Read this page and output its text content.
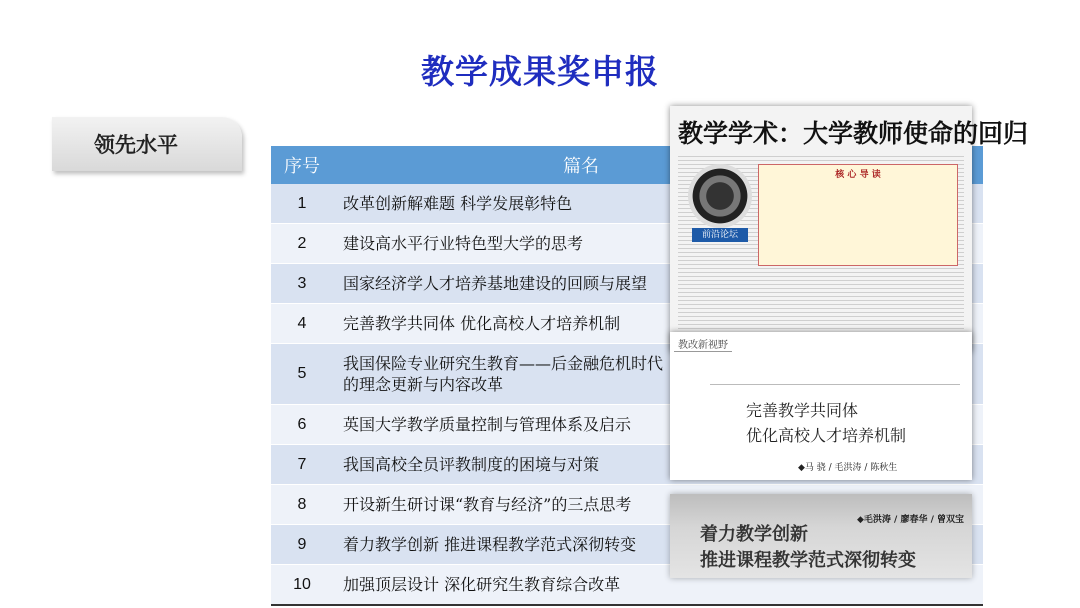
教学成果奖申报
领先水平
序号	篇名		
1	改革创新解难题 科学发展彰特色		
2	建设高水平行业特色型大学的思考		
3	国家经济学人才培养基地建设的回顾与展望		
4	完善教学共同体 优化高校人才培养机制		
5	我国保险专业研究生教育——后金融危机时代的理念更新与内容改革		
6	英国大学教学质量控制与管理体系及启示		
7	我国高校全员评教制度的困境与对策		
8	开设新生研讨课“教育与经济”的三点思考		
9	着力教学创新 推进课程教学范式深彻转变		
10	加强顶层设计 深化研究生教育综合改革		
教学学术：大学教师使命的回归
前沿论坛
核 心 导 读
教改新视野
完善教学共同体
优化高校人才培养机制
◆马 骁 / 毛洪涛 / 陈秋生
◆毛洪涛 / 廖春华 / 曾双宝
着力教学创新
推进课程教学范式深彻转变
